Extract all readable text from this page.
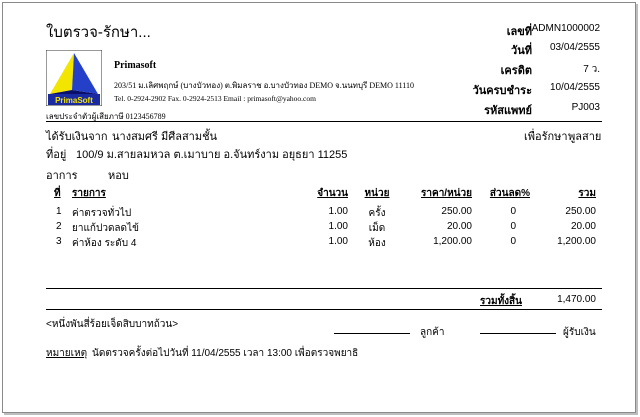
ใบตรวจ-รักษา...	เลขที่ ADMN1000002
วันที่	03/04/2555
เครดิต	7 ว.
วันครบชำระ	10/04/2555
รหัสแพทย์	PJ003
PrimaSoft
Primasoft
203/51 ม.เลิศพฤกษ์ (บางบัวทอง) ต.พิมลราช อ.บางบัวทอง DEMO จ.นนทบุรี DEMO 11110
Tel. 0-2924-2902 Fax. 0-2924-2513 Email : primasoft@yahoo.com
เลขประจำตัวผู้เสียภาษี 0123456789
ได้รับเงินจาก นางสมศรี มีศีลสามชั้น	เพื่อรักษา พูลสาย
ที่อยู่ 100/9 ม.สายลมหวล ต.เมาบาย อ.จันทร์งาม อยุธยา 11255
อาการ	หอบ
ที่ รายการ	จำนวน	หน่วย	ราคา/หน่วย	ส่วนลด%	รวม
1 ค่าตรวจทั่วไป	1.00	ครั้ง	250.00	0	250.00
2 ยาแก้ปวดลดไข้	1.00	เม็ด	20.00	0	20.00
3 ค่าห้อง ระดับ 4	1.00	ห้อง	1,200.00	0	1,200.00
รวมทั้งสิ้น	1,470.00
<หนึ่งพันสี่ร้อยเจ็ดสิบบาทถ้วน>
ลูกค้า	ผู้รับเงิน
หมายเหตุ นัดตรวจครั้งต่อไปวันที่ 11/04/2555 เวลา 13:00 เพื่อตรวจพยาธิ
